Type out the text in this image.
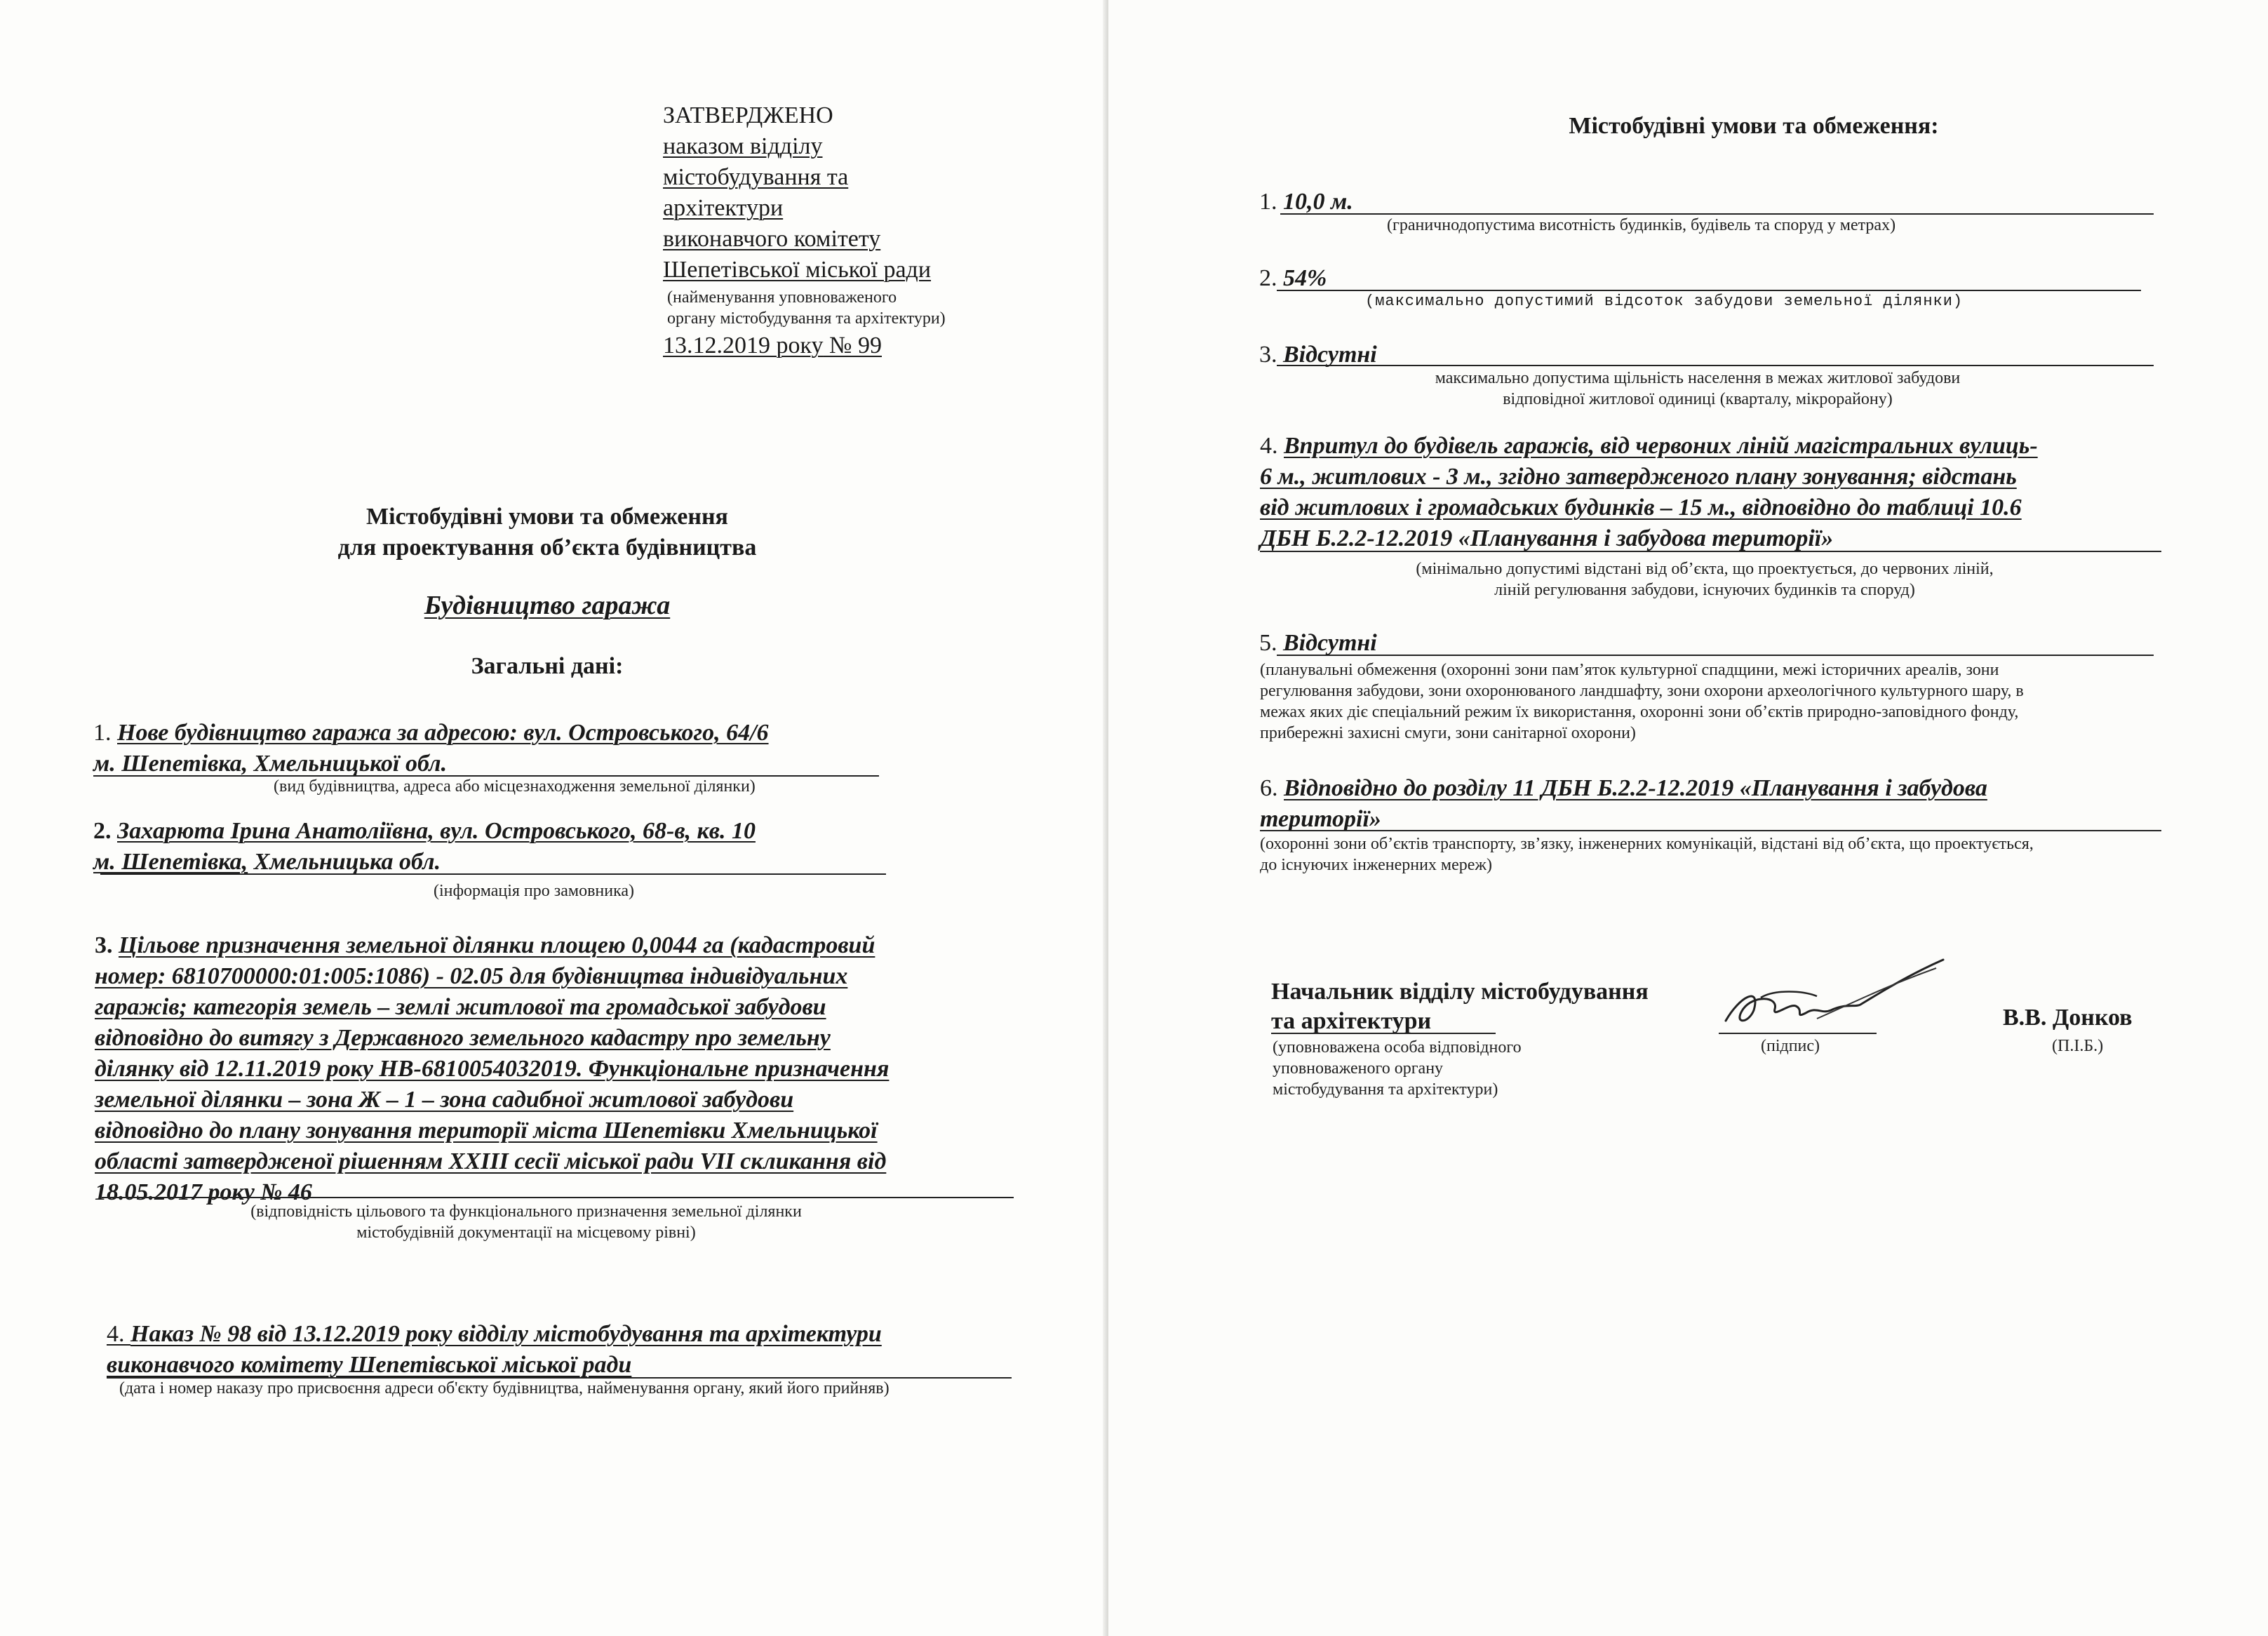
ЗАТВЕРДЖЕНО
наказом відділу
містобудування та
архітектури
виконавчого комітету
Шепетівської міської ради
(найменування уповноваженого
органу містобудування та архітектури)
13.12.2019 року № 99
Містобудівні умови та обмеження
для проектування об’єкта будівництва
Будівництво гаража
Загальні дані:
1. Нове будівництво гаража за адресою: вул. Островського, 64/6
м. Шепетівка, Хмельницької обл.
(вид будівництва, адреса або місцезнаходження земельної ділянки)
2. Захарюта Ірина Анатоліївна, вул. Островського, 68-в, кв. 10
м. Шепетівка, Хмельницька обл.
(інформація про замовника)
3. Цільове призначення земельної ділянки площею 0,0044 га (кадастровий
номер: 6810700000:01:005:1086) - 02.05 для будівництва індивідуальних
гаражів; категорія земель – землі житлової та громадської забудови
відповідно до витягу з Державного земельного кадастру про земельну
ділянку від 12.11.2019 року НВ-6810054032019. Функціональне призначення
земельної ділянки – зона Ж – 1 – зона садибної житлової забудови
відповідно до плану зонування території міста Шепетівки Хмельницької
області затвердженої рішенням ХХІІІ сесії міської ради VII скликання від
18.05.2017 року № 46
(відповідність цільового та функціонального призначення земельної ділянки
містобудівній документації на місцевому рівні)
4. Наказ № 98 від 13.12.2019 року відділу містобудування та архітектури
виконавчого комітету Шепетівської міської ради
(дата і номер наказу про присвоєння адреси об'єкту будівництва, найменування органу, який його прийняв)
Містобудівні умови та обмеження:
1. 10,0 м.
(граничнодопустима висотність будинків, будівель та споруд у метрах)
2. 54%
(максимально допустимий відсоток забудови земельної ділянки)
3. Відсутні
максимально допустима щільність населення в межах житлової забудови
відповідної житлової одиниці (кварталу, мікрорайону)
4. Впритул до будівель гаражів, від червоних ліній магістральних вулиць-
6 м., житлових - 3 м., згідно затвердженого плану зонування; відстань
від житлових і громадських будинків – 15 м., відповідно до таблиці 10.6
ДБН Б.2.2-12.2019 «Планування і забудова території»
(мінімально допустимі відстані від об’єкта, що проектується, до червоних ліній,
ліній регулювання забудови, існуючих будинків та споруд)
5. Відсутні
(планувальні обмеження (охоронні зони пам’яток культурної спадщини, межі історичних ареалів, зони
регулювання забудови, зони охоронюваного ландшафту, зони охорони археологічного культурного шару, в
межах яких діє спеціальний режим їх використання, охоронні зони об’єктів природно-заповідного фонду,
прибережні захисні смуги, зони санітарної охорони)
6. Відповідно до розділу 11 ДБН Б.2.2-12.2019 «Планування і забудова
території»
(охоронні зони об’єктів транспорту, зв’язку, інженерних комунікацій, відстані від об’єкта, що проектується,
до існуючих інженерних мереж)
Начальник відділу містобудування
та архітектури
(уповноважена особа відповідного
уповноваженого органу
містобудування та архітектури)
(підпис)
В.В. Донков
(П.І.Б.)
